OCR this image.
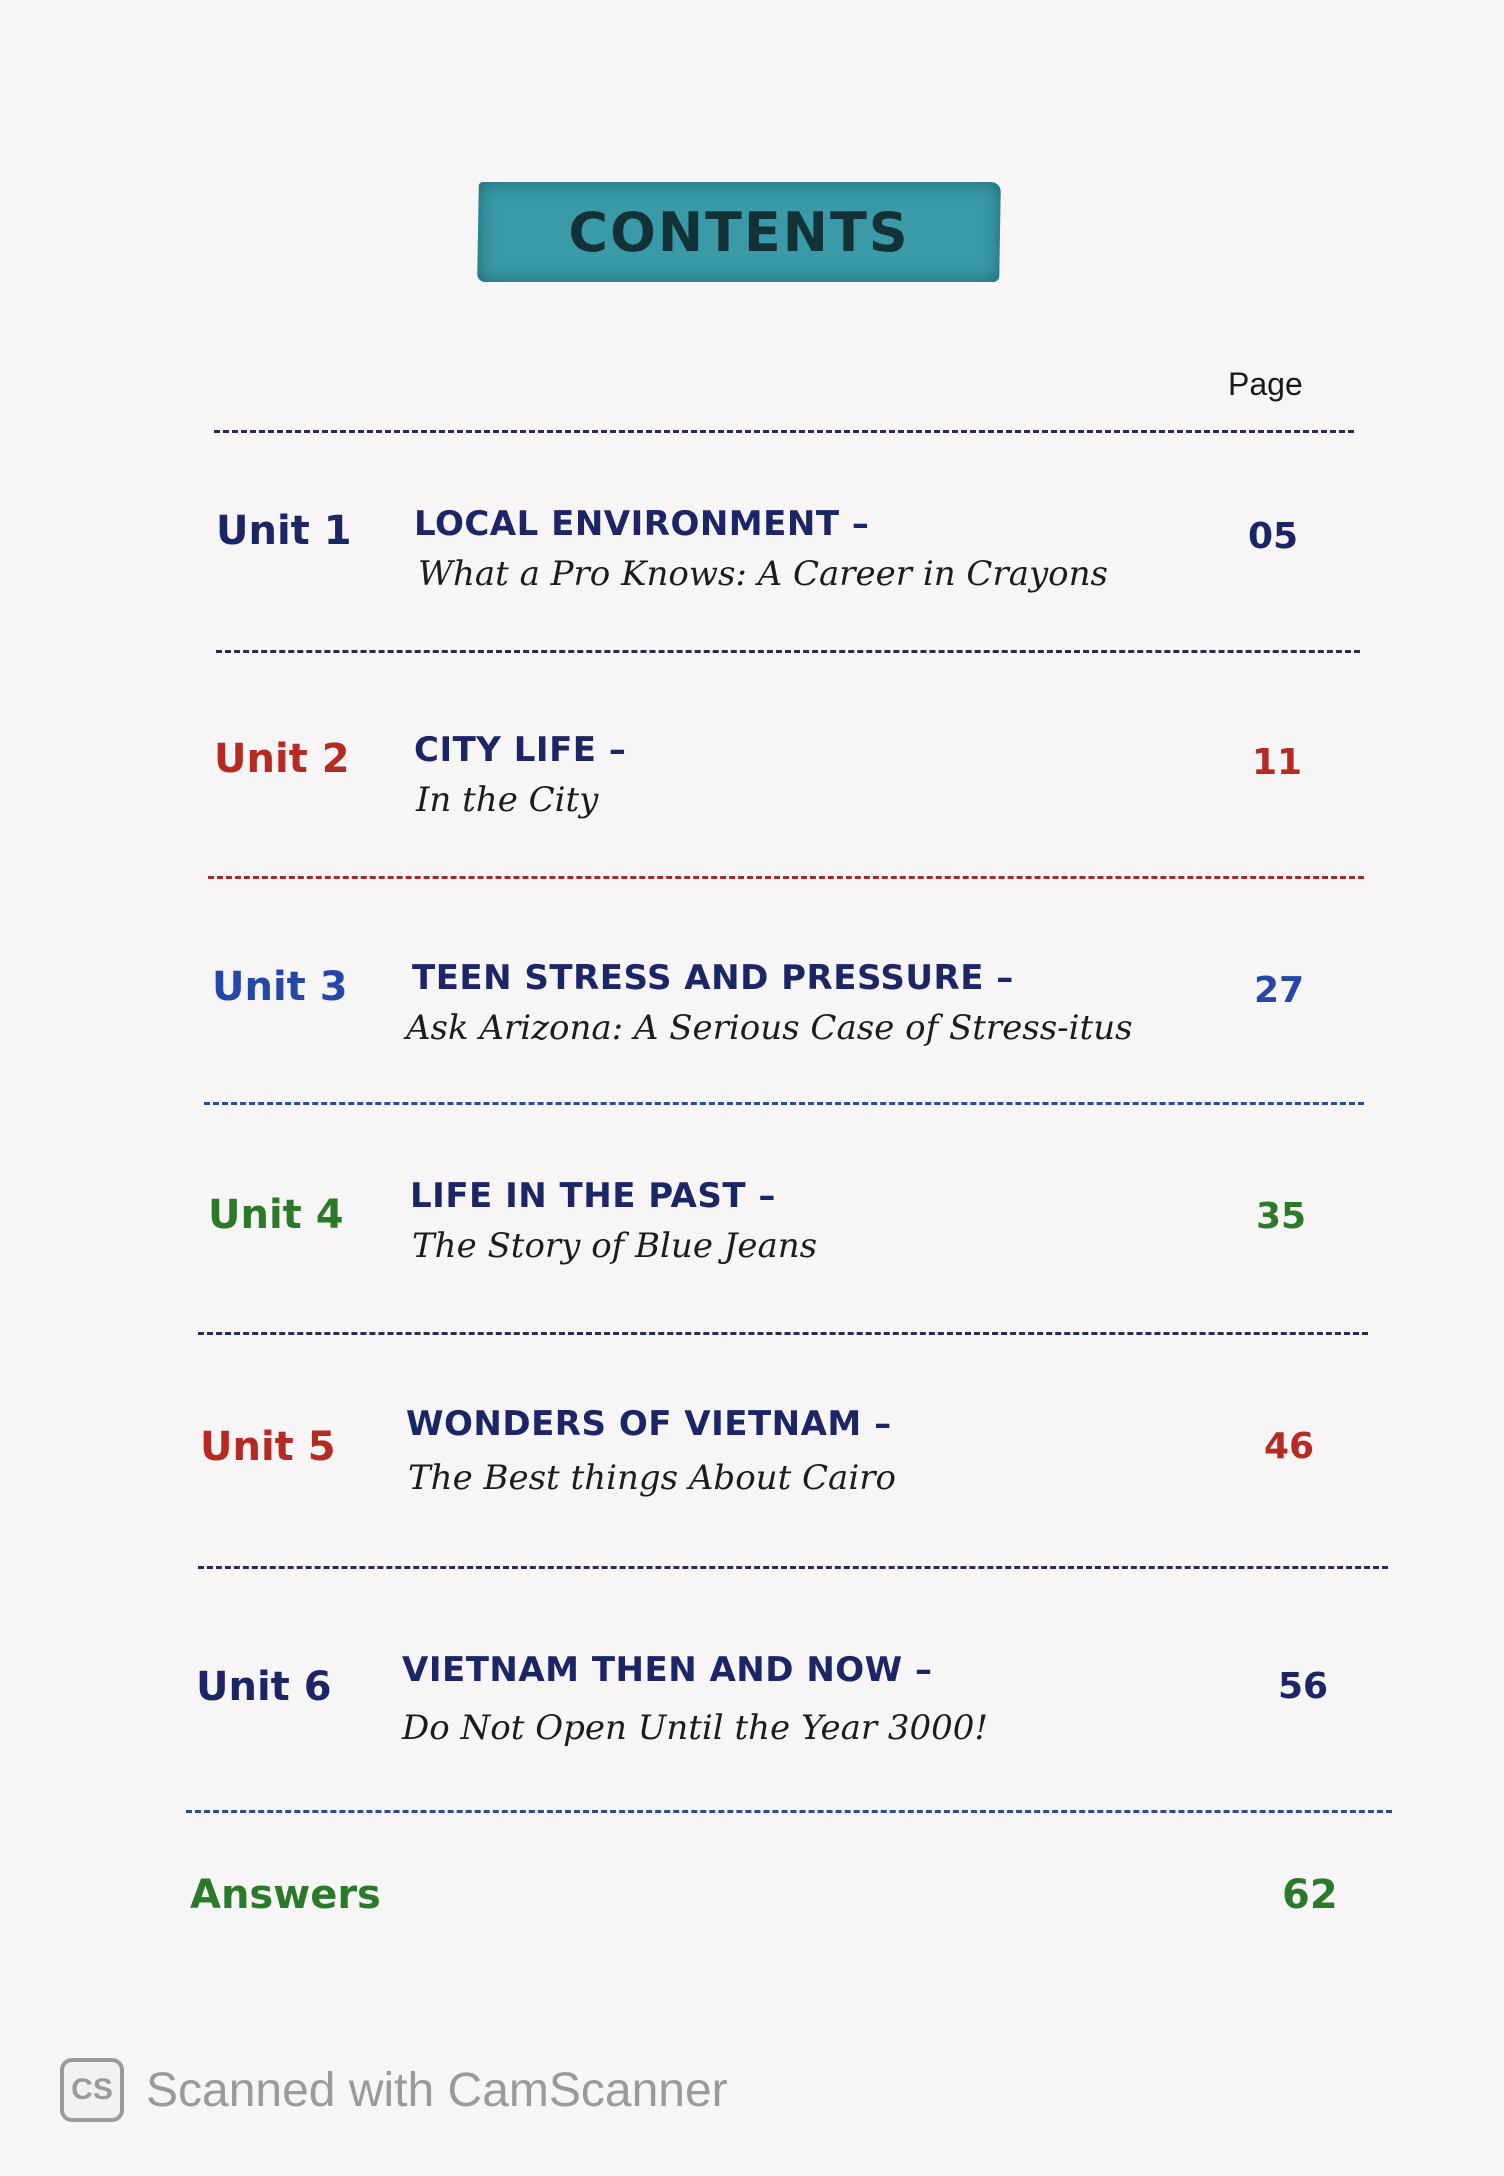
CONTENTS
Page
Unit 1 LOCAL ENVIRONMENT –
What a Pro Knows: A Career in Crayons
05
Unit 2 CITY LIFE –
In the City
11
Unit 3 TEEN STRESS AND PRESSURE –
Ask Arizona: A Serious Case of Stress-itus
27
Unit 4 LIFE IN THE PAST –
The Story of Blue Jeans
35
Unit 5 WONDERS OF VIETNAM –
The Best things About Cairo
46
Unit 6 VIETNAM THEN AND NOW –
Do Not Open Until the Year 3000!
56
Answers	62
CS Scanned with CamScanner
